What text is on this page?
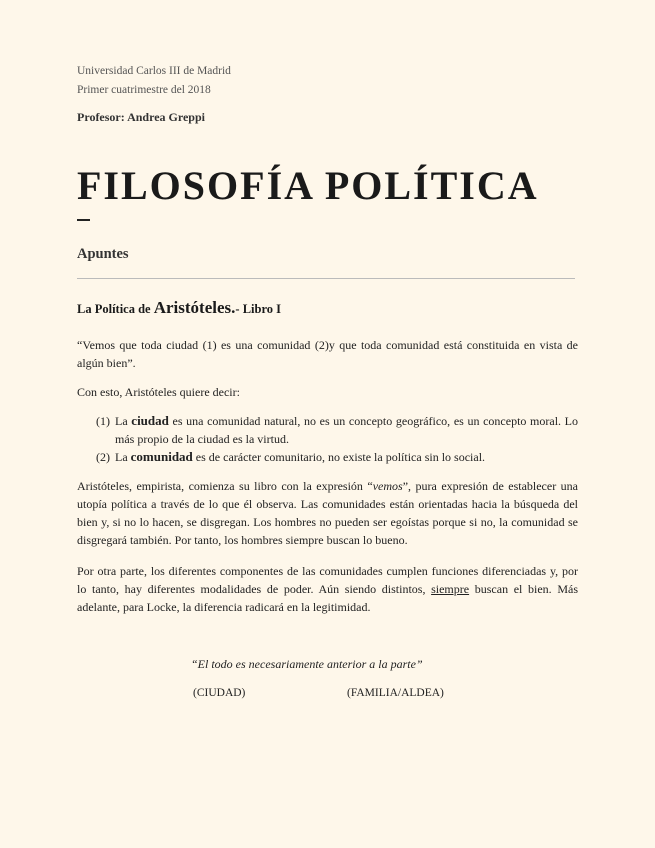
Universidad Carlos III de Madrid
Primer cuatrimestre del 2018
Profesor: Andrea Greppi
FILOSOFÍA POLÍTICA
Apuntes
La Política de Aristóteles.- Libro I
“Vemos que toda ciudad (1) es una comunidad (2)y que toda comunidad está constituida en vista de algún bien”.
Con esto, Aristóteles quiere decir:
(1) La ciudad es una comunidad natural, no es un concepto geográfico, es un concepto moral. Lo más propio de la ciudad es la virtud.
(2) La comunidad es de carácter comunitario, no existe la política sin lo social.
Aristóteles, empirista, comienza su libro con la expresión “vemos”, pura expresión de establecer una utopía política a través de lo que él observa. Las comunidades están orientadas hacia la búsqueda del bien y, si no lo hacen, se disgregan. Los hombres no pueden ser egoístas porque si no, la comunidad se disgregará también. Por tanto, los hombres siempre buscan lo bueno.
Por otra parte, los diferentes componentes de las comunidades cumplen funciones diferenciadas y, por lo tanto, hay diferentes modalidades de poder. Aún siendo distintos, siempre buscan el bien. Más adelante, para Locke, la diferencia radicará en la legitimidad.
“El todo es necesariamente anterior a la parte”
(CIUDAD)	(FAMILIA/ALDEA)
